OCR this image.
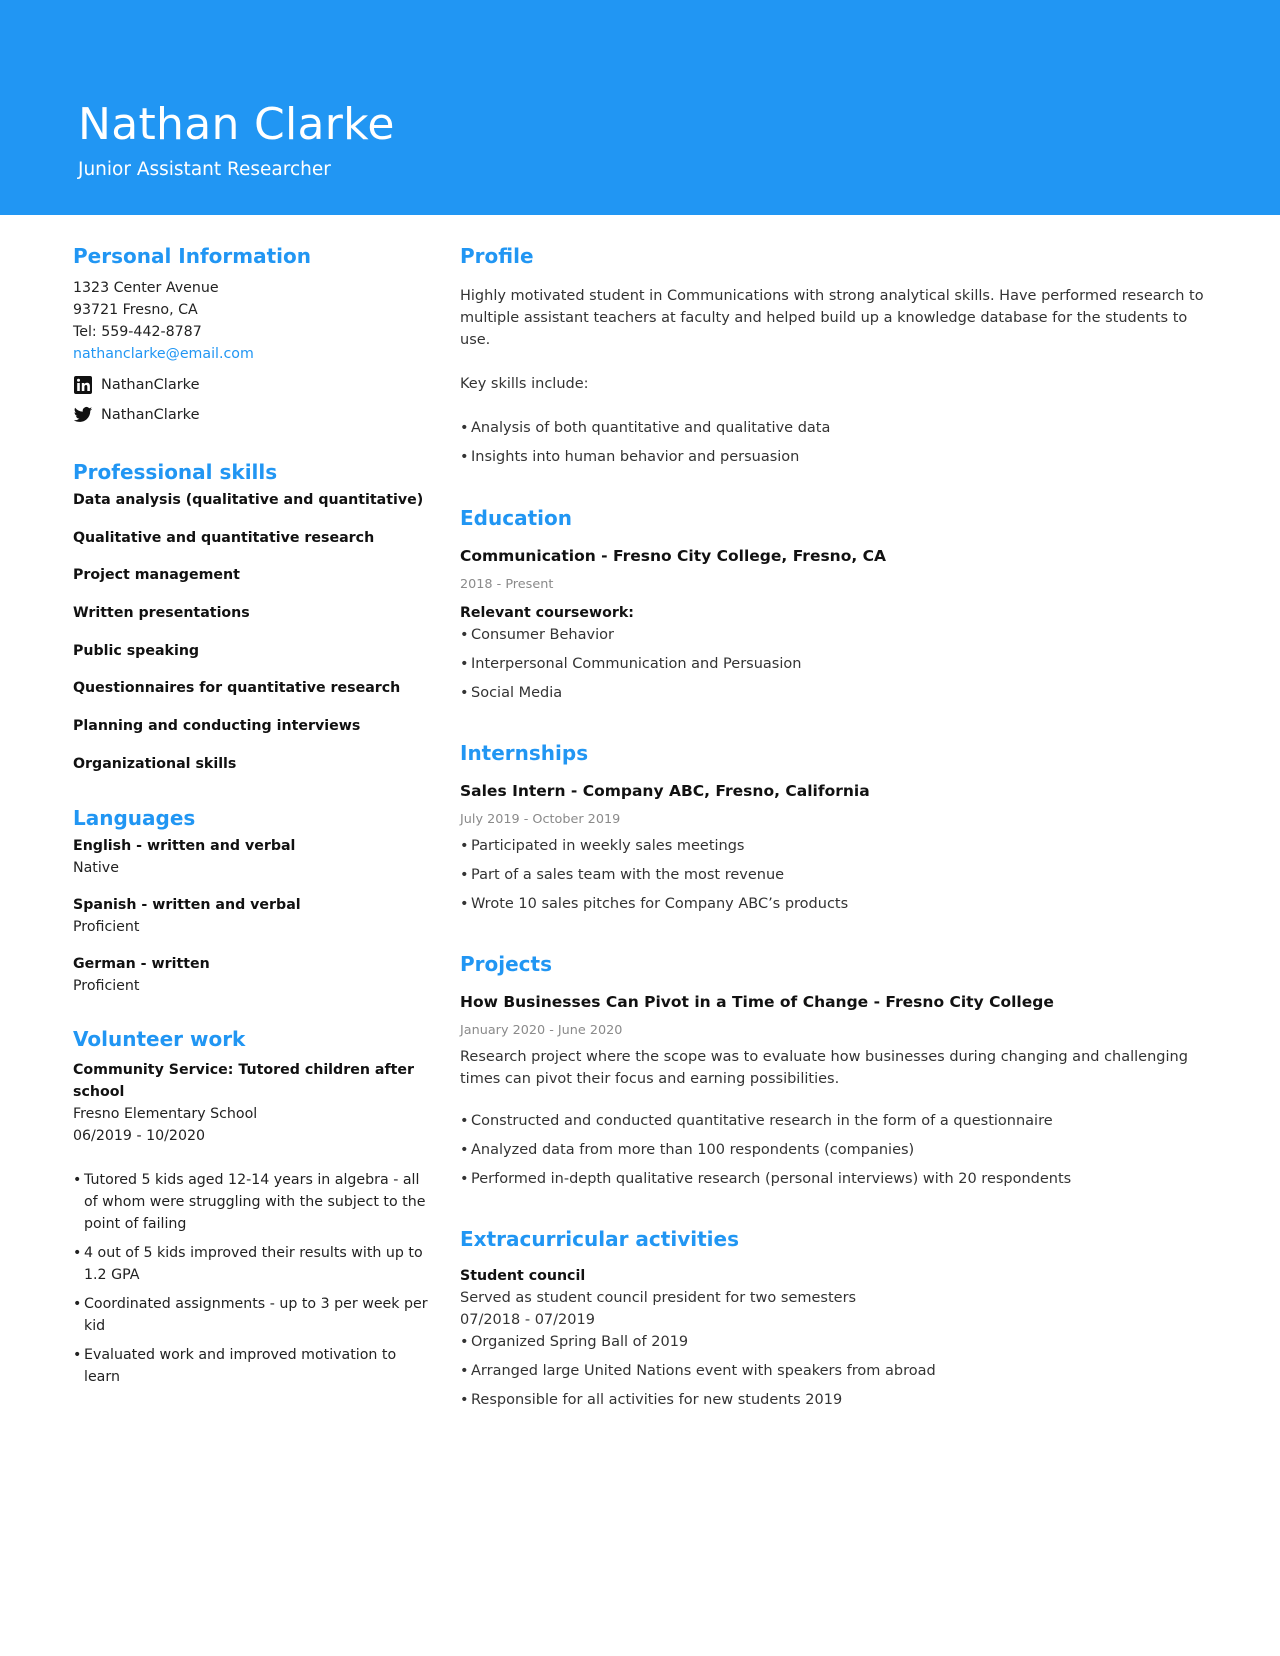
Nathan Clarke
Junior Assistant Researcher
Personal Information
1323 Center Avenue
93721 Fresno, CA
Tel: 559-442-8787
nathanclarke@email.com
NathanClarke
NathanClarke
Professional skills
Data analysis (qualitative and quantitative)
Qualitative and quantitative research
Project management
Written presentations
Public speaking
Questionnaires for quantitative research
Planning and conducting interviews
Organizational skills
Languages
English - written and verbal
Native
Spanish - written and verbal
Proficient
German - written
Proficient
Volunteer work
Community Service: Tutored children after
school
Fresno Elementary School
06/2019 - 10/2020
• Tutored 5 kids aged 12-14 years in algebra - all of whom were struggling with the subject to the point of failing
• 4 out of 5 kids improved their results with up to 1.2 GPA
• Coordinated assignments - up to 3 per week per kid
• Evaluated work and improved motivation to learn
Profile
Highly motivated student in Communications with strong analytical skills. Have performed research to multiple assistant teachers at faculty and helped build up a knowledge database for the students to use.
Key skills include:
• Analysis of both quantitative and qualitative data
• Insights into human behavior and persuasion
Education
Communication - Fresno City College, Fresno, CA
2018 - Present
Relevant coursework:
• Consumer Behavior
• Interpersonal Communication and Persuasion
• Social Media
Internships
Sales Intern - Company ABC, Fresno, California
July 2019 - October 2019
• Participated in weekly sales meetings
• Part of a sales team with the most revenue
• Wrote 10 sales pitches for Company ABC’s products
Projects
How Businesses Can Pivot in a Time of Change - Fresno City College
January 2020 - June 2020
Research project where the scope was to evaluate how businesses during changing and challenging times can pivot their focus and earning possibilities.
• Constructed and conducted quantitative research in the form of a questionnaire
• Analyzed data from more than 100 respondents (companies)
• Performed in-depth qualitative research (personal interviews) with 20 respondents
Extracurricular activities
Student council
Served as student council president for two semesters
07/2018 - 07/2019
• Organized Spring Ball of 2019
• Arranged large United Nations event with speakers from abroad
• Responsible for all activities for new students 2019
